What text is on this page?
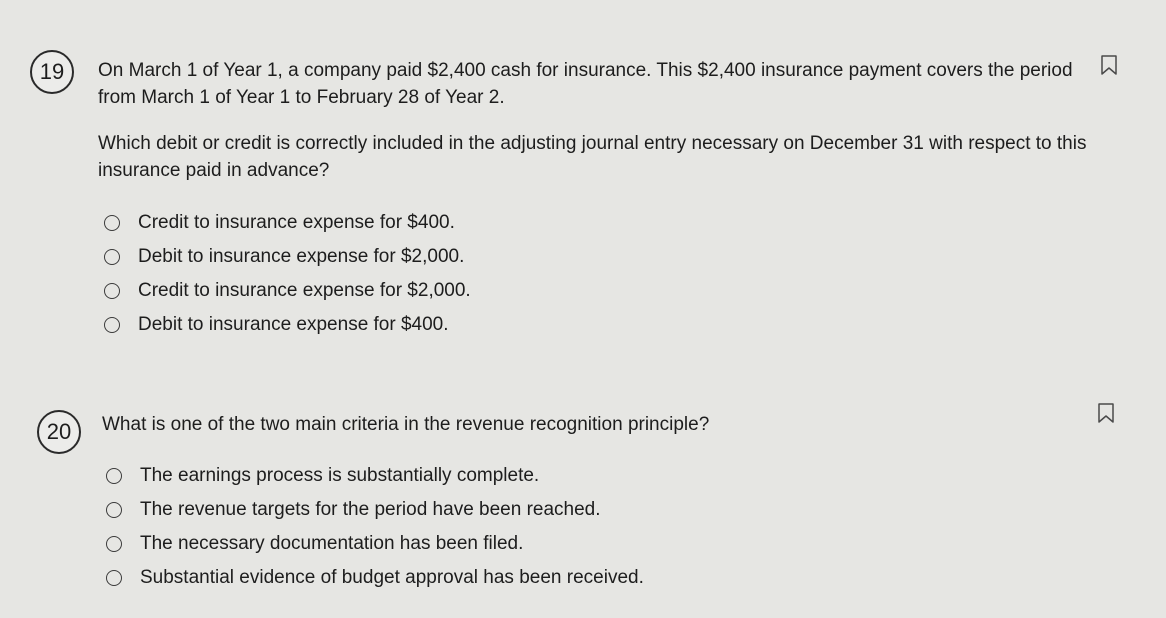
19 On March 1 of Year 1, a company paid $2,400 cash for insurance. This $2,400 insurance payment covers the period from March 1 of Year 1 to February 28 of Year 2.

Which debit or credit is correctly included in the adjusting journal entry necessary on December 31 with respect to this insurance paid in advance?

Credit to insurance expense for $400.
Debit to insurance expense for $2,000.
Credit to insurance expense for $2,000.
Debit to insurance expense for $400.
20 What is one of the two main criteria in the revenue recognition principle?

The earnings process is substantially complete.
The revenue targets for the period have been reached.
The necessary documentation has been filed.
Substantial evidence of budget approval has been received.
